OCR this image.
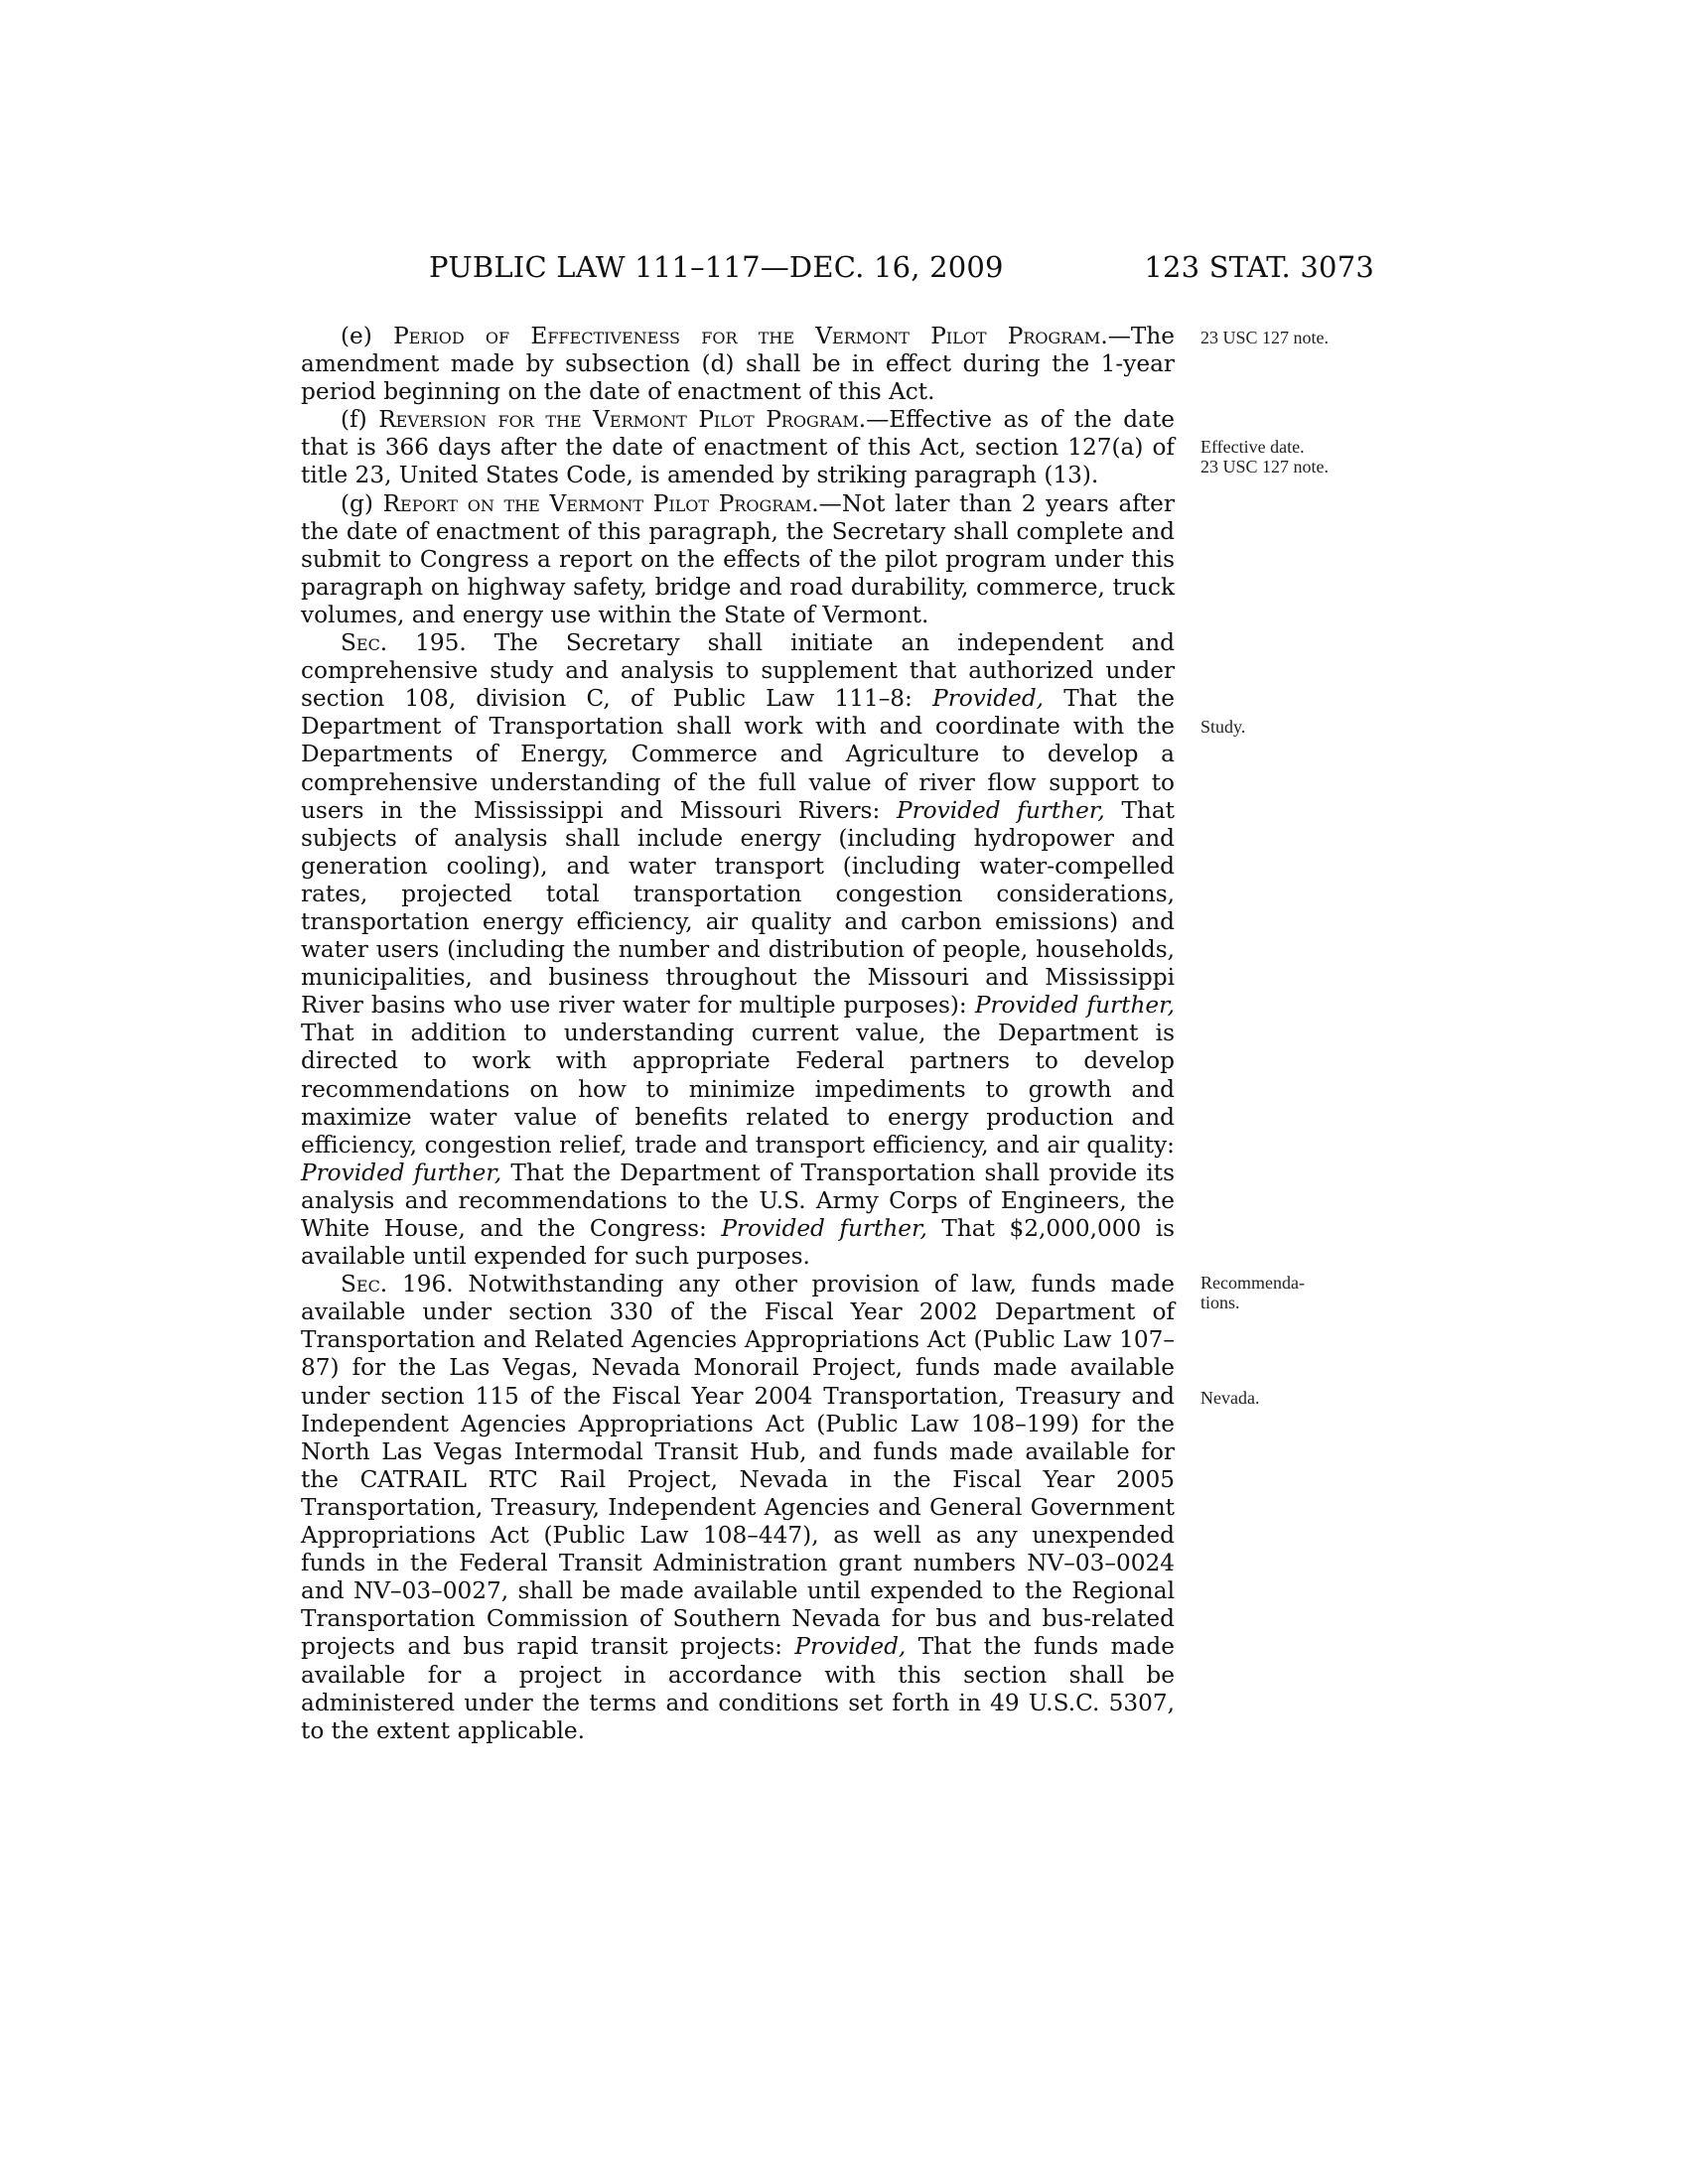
PUBLIC LAW 111–117—DEC. 16, 2009	123 STAT. 3073

(e) Period of Effectiveness for the Vermont Pilot Program.—The amendment made by subsection (d) shall be in effect during the 1-year period beginning on the date of enactment of this Act.

(f) Reversion for the Vermont Pilot Program.—Effective as of the date that is 366 days after the date of enactment of this Act, section 127(a) of title 23, United States Code, is amended by striking paragraph (13).

(g) Report on the Vermont Pilot Program.—Not later than 2 years after the date of enactment of this paragraph, the Secretary shall complete and submit to Congress a report on the effects of the pilot program under this paragraph on highway safety, bridge and road durability, commerce, truck volumes, and energy use within the State of Vermont.

Sec. 195. The Secretary shall initiate an independent and comprehensive study and analysis to supplement that authorized under section 108, division C, of Public Law 111–8: Provided, That the Department of Transportation shall work with and coordinate with the Departments of Energy, Commerce and Agriculture to develop a comprehensive understanding of the full value of river flow support to users in the Mississippi and Missouri Rivers: Provided further, That subjects of analysis shall include energy (including hydropower and generation cooling), and water transport (including water-compelled rates, projected total transportation congestion considerations, transportation energy efficiency, air quality and carbon emissions) and water users (including the number and distribution of people, households, municipalities, and business throughout the Missouri and Mississippi River basins who use river water for multiple purposes): Provided further, That in addition to understanding current value, the Department is directed to work with appropriate Federal partners to develop recommendations on how to minimize impediments to growth and maximize water value of benefits related to energy production and efficiency, congestion relief, trade and transport efficiency, and air quality: Provided further, That the Department of Transportation shall provide its analysis and recommendations to the U.S. Army Corps of Engineers, the White House, and the Congress: Provided further, That $2,000,000 is available until expended for such purposes.

Sec. 196. Notwithstanding any other provision of law, funds made available under section 330 of the Fiscal Year 2002 Department of Transportation and Related Agencies Appropriations Act (Public Law 107–87) for the Las Vegas, Nevada Monorail Project, funds made available under section 115 of the Fiscal Year 2004 Transportation, Treasury and Independent Agencies Appropriations Act (Public Law 108–199) for the North Las Vegas Intermodal Transit Hub, and funds made available for the CATRAIL RTC Rail Project, Nevada in the Fiscal Year 2005 Transportation, Treasury, Independent Agencies and General Government Appropriations Act (Public Law 108–447), as well as any unexpended funds in the Federal Transit Administration grant numbers NV–03–0024 and NV–03–0027, shall be made available until expended to the Regional Transportation Commission of Southern Nevada for bus and bus-related projects and bus rapid transit projects: Provided, That the funds made available for a project in accordance with this section shall be administered under the terms and conditions set forth in 49 U.S.C. 5307, to the extent applicable.

23 USC 127 note.
Effective date.
23 USC 127 note.
Study.
Recommenda-
tions.
Nevada.
